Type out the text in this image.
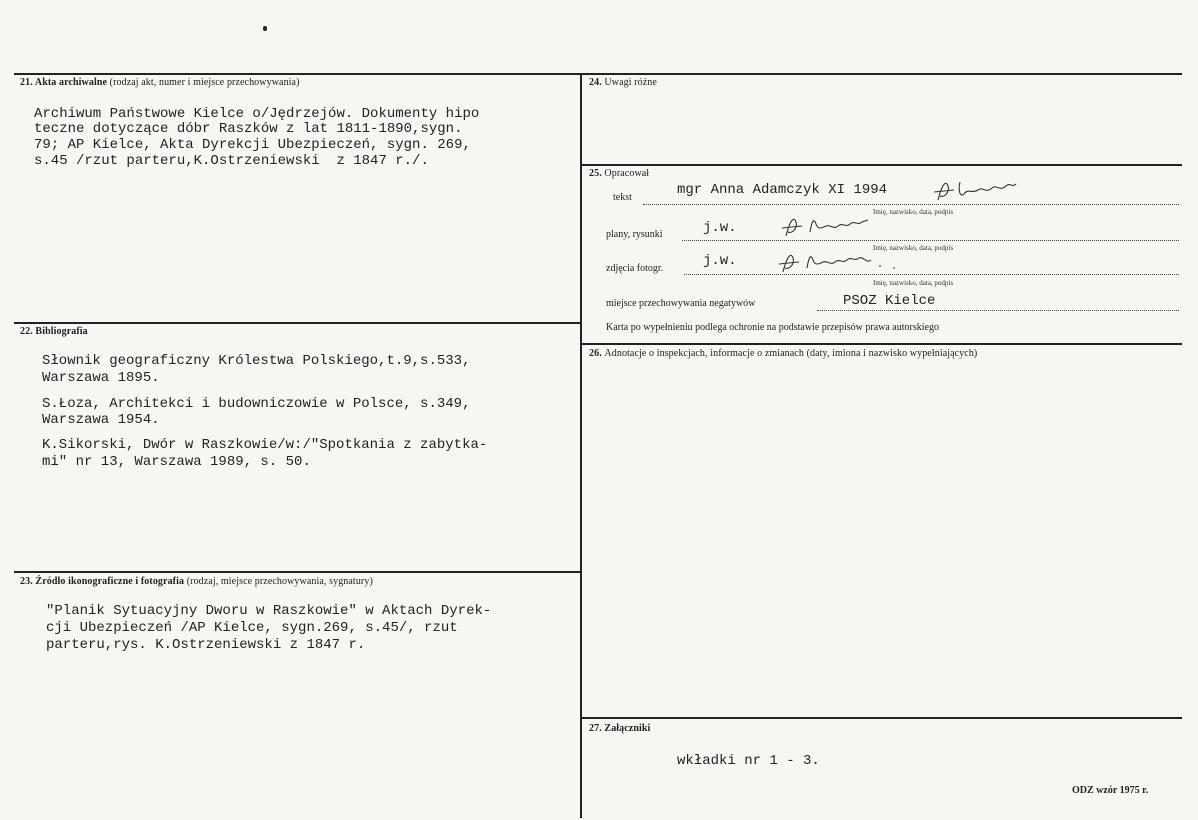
21. Akta archiwalne (rodzaj akt, numer i miejsce przechowywania)
Archiwum Państwowe Kielce o/Jędrzejów. Dokumenty hipo
teczne dotyczące dóbr Raszków z lat 1811-1890,sygn.
79; AP Kielce, Akta Dyrekcji Ubezpieczeń, sygn. 269,
s.45 /rzut parteru,K.Ostrzeniewski  z 1847 r./.
22. Bibliografia
Słownik geograficzny Królestwa Polskiego,t.9,s.533,
Warszawa 1895.
S.Łoza, Architekci i budowniczowie w Polsce, s.349,
Warszawa 1954.
K.Sikorski, Dwór w Raszkowie/w:/"Spotkania z zabytka-
mi" nr 13, Warszawa 1989, s. 50.
23. Źródło ikonograficzne i fotografia (rodzaj, miejsce przechowywania, sygnatury)
"Planik Sytuacyjny Dworu w Raszkowie" w Aktach Dyrek-
cji Ubezpieczeń /AP Kielce, sygn.269, s.45/, rzut
parteru,rys. K.Ostrzeniewski z 1847 r.
24. Uwagi różne
25. Opracował
tekst	mgr Anna Adamczyk XI 1994
Imię, nazwisko, data, podpis
plany, rysunki	j.w.
Imię, nazwisko, data, podpis
zdjęcia fotogr.	j.w.
Imię, nazwisko, data, podpis
miejsce przechowywania negatywów	PSOZ Kielce
Karta po wypełnieniu podlega ochronie na podstawie przepisów prawa autorskiego
26. Adnotacje o inspekcjach, informacje o zmianach (daty, imiona i nazwisko wypełniających)
27. Załączniki
wkładki nr 1 - 3.
ODZ wzór 1975 r.
